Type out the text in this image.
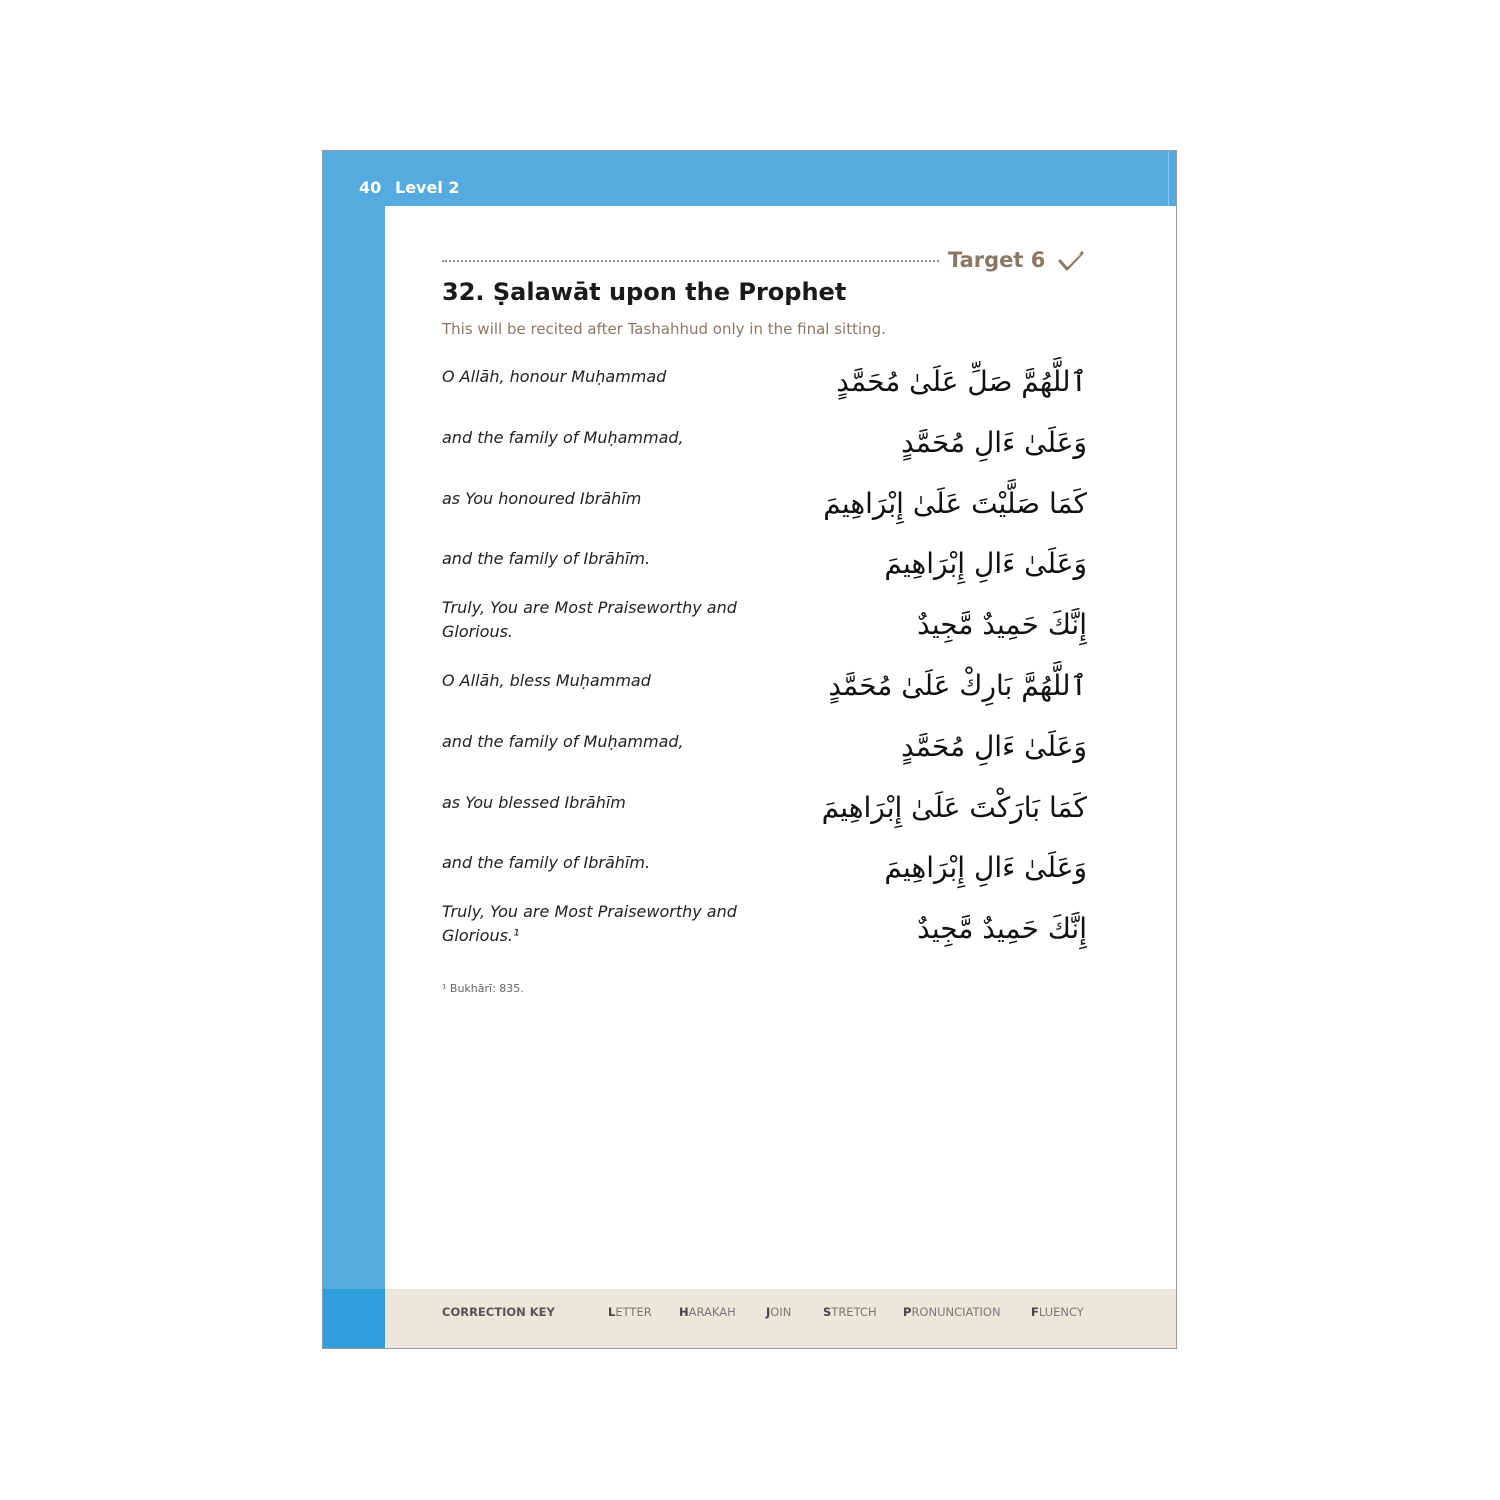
40 Level 2
Target 6
32. Ṣalawāt upon the Prophet

This will be recited after Tashahhud only in the final sitting.

O Allāh, honour Muḥammad	ٱللَّهُمَّ صَلِّ عَلَىٰ مُحَمَّدٍ
and the family of Muḥammad,	وَعَلَىٰ ءَالِ مُحَمَّدٍ
as You honoured Ibrāhīm	كَمَا صَلَّيْتَ عَلَىٰ إِبْرَاهِيمَ
and the family of Ibrāhīm.	وَعَلَىٰ ءَالِ إِبْرَاهِيمَ
Truly, You are Most Praiseworthy and Glorious.	إِنَّكَ حَمِيدٌ مَّجِيدٌ
O Allāh, bless Muḥammad	ٱللَّهُمَّ بَارِكْ عَلَىٰ مُحَمَّدٍ
and the family of Muḥammad,	وَعَلَىٰ ءَالِ مُحَمَّدٍ
as You blessed Ibrāhīm	كَمَا بَارَكْتَ عَلَىٰ إِبْرَاهِيمَ
and the family of Ibrāhīm.	وَعَلَىٰ ءَالِ إِبْرَاهِيمَ
Truly, You are Most Praiseworthy and Glorious.¹	إِنَّكَ حَمِيدٌ مَّجِيدٌ

¹ Bukhārī: 835.

CORRECTION KEY	LETTER HARAKAH	JOIN	STRETCH PRONUNCIATION	FLUENCY
